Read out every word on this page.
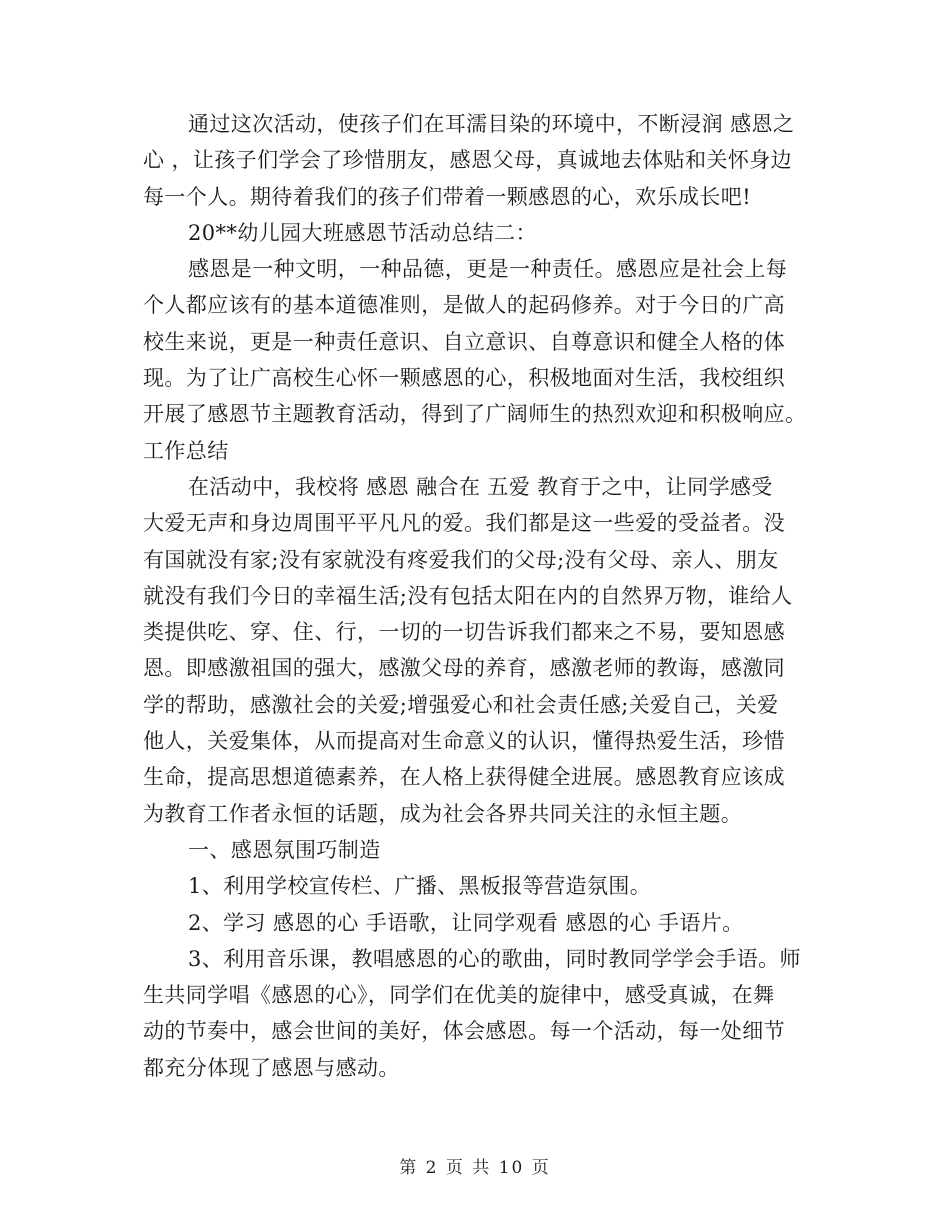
通过这次活动，使孩子们在耳濡目染的环境中，不断浸润 感恩之

心 ，让孩子们学会了珍惜朋友，感恩父母，真诚地去体贴和关怀身边

每一个人。期待着我们的孩子们带着一颗感恩的心，欢乐成长吧!

20**幼儿园大班感恩节活动总结二：

感恩是一种文明，一种品德，更是一种责任。感恩应是社会上每

个人都应该有的基本道德准则，是做人的起码修养。对于今日的广高

校生来说，更是一种责任意识、自立意识、自尊意识和健全人格的体

现。为了让广高校生心怀一颗感恩的心，积极地面对生活，我校组织

开展了感恩节主题教育活动，得到了广阔师生的热烈欢迎和积极响应。

工作总结

在活动中，我校将 感恩 融合在 五爱 教育于之中，让同学感受

大爱无声和身边周围平平凡凡的爱。我们都是这一些爱的受益者。没

有国就没有家;没有家就没有疼爱我们的父母;没有父母、亲人、朋友

就没有我们今日的幸福生活;没有包括太阳在内的自然界万物，谁给人

类提供吃、穿、住、行，一切的一切告诉我们都来之不易，要知恩感

恩。即感激祖国的强大，感激父母的养育，感激老师的教诲，感激同

学的帮助，感激社会的关爱;增强爱心和社会责任感;关爱自己，关爱

他人，关爱集体，从而提高对生命意义的认识，懂得热爱生活，珍惜

生命，提高思想道德素养，在人格上获得健全进展。感恩教育应该成

为教育工作者永恒的话题，成为社会各界共同关注的永恒主题。

一、感恩氛围巧制造

1、利用学校宣传栏、广播、黑板报等营造氛围。

2、学习 感恩的心 手语歌，让同学观看 感恩的心 手语片。

3、利用音乐课，教唱感恩的心的歌曲，同时教同学学会手语。师

生共同学唱《感恩的心》，同学们在优美的旋律中，感受真诚，在舞

动的节奏中，感会世间的美好，体会感恩。每一个活动，每一处细节

都充分体现了感恩与感动。

第 2 页 共 10 页
